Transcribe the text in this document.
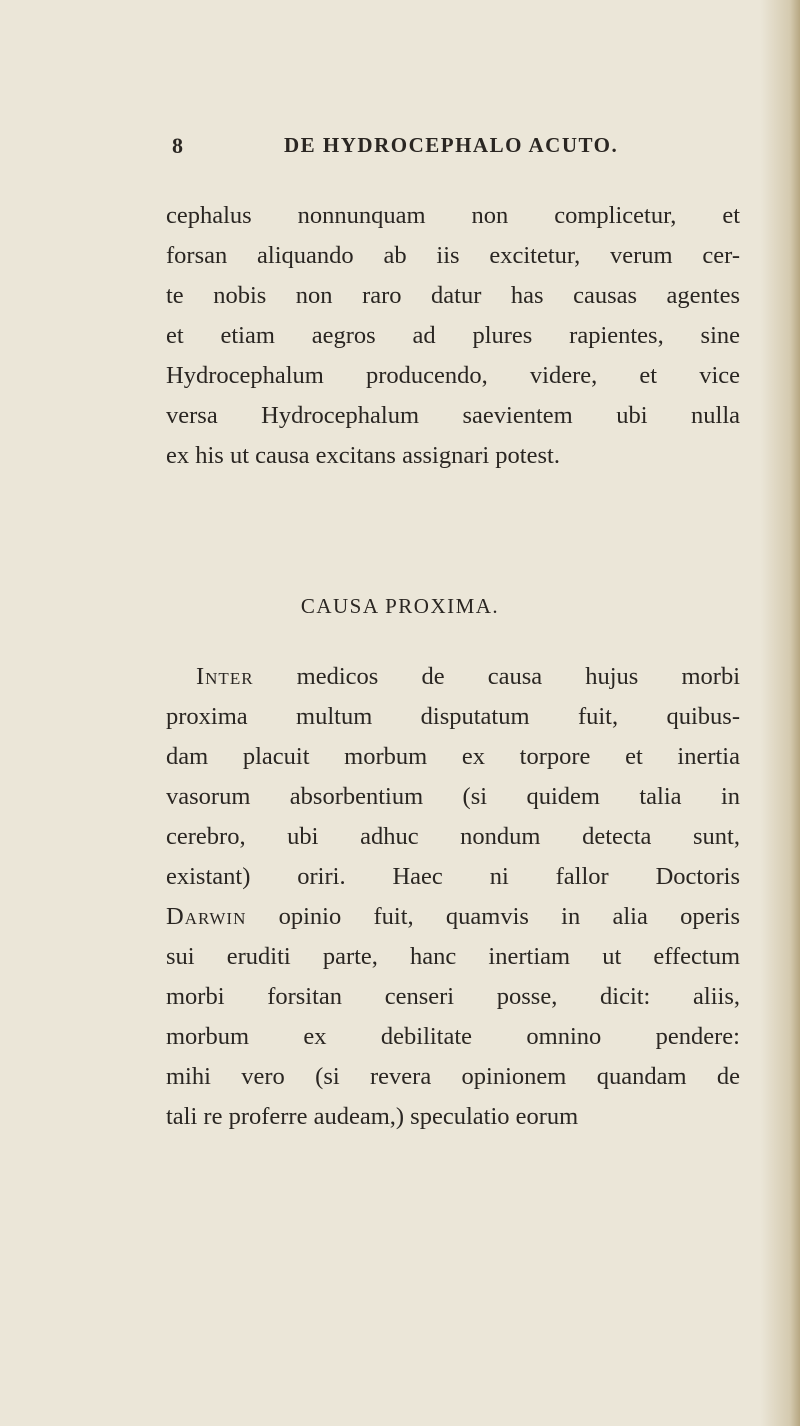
8	DE HYDROCEPHALO ACUTO.
cephalus nonnunquam non complicetur, et
forsan aliquando ab iis excitetur, verum cer-
te nobis non raro datur has causas agentes
et etiam aegros ad plures rapientes, sine
Hydrocephalum producendo, videre, et vice
versa Hydrocephalum saevientem ubi nulla
ex his ut causa excitans assignari potest.
CAUSA PROXIMA.
Inter medicos de causa hujus morbi
proxima multum disputatum fuit, quibus-
dam placuit morbum ex torpore et inertia
vasorum absorbentium (si quidem talia in
cerebro, ubi adhuc nondum detecta sunt,
existant) oriri. Haec ni fallor Doctoris
Darwin opinio fuit, quamvis in alia operis
sui eruditi parte, hanc inertiam ut effectum
morbi forsitan censeri posse, dicit: aliis,
morbum ex debilitate omnino pendere:
mihi vero (si revera opinionem quandam de
tali re proferre audeam,) speculatio eorum
